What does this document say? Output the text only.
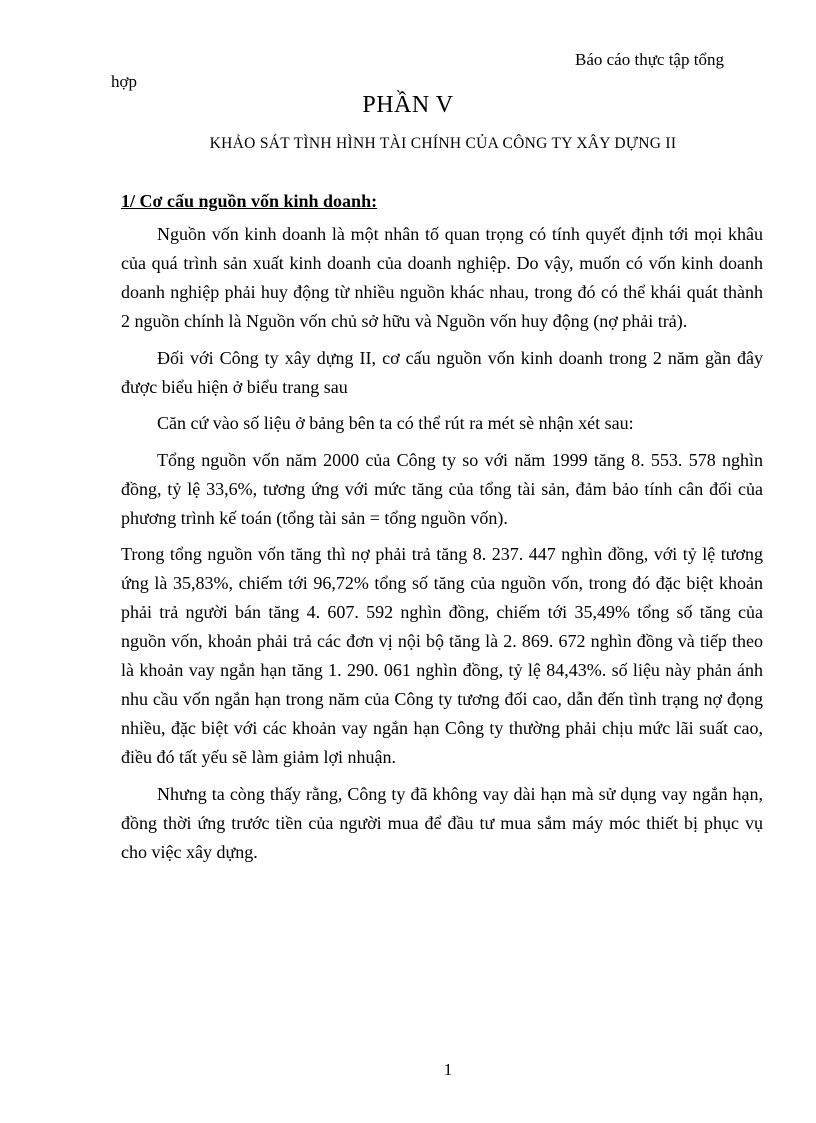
Báo cáo thực tập tổng
hợp
PHẦN V
KHẢO SÁT TÌNH HÌNH TÀI CHÍNH CỦA CÔNG TY XÂY DỰNG II
1/ Cơ cấu nguồn vốn kinh doanh:

Nguồn vốn kinh doanh là một nhân tố quan trọng có tính quyết định tới mọi khâu của quá trình sản xuất kinh doanh của doanh nghiệp. Do vậy, muốn có vốn kinh doanh doanh nghiệp phải huy động từ nhiều nguồn khác nhau, trong đó có thể khái quát thành 2 nguồn chính là Nguồn vốn chủ sở hữu và Nguồn vốn huy động (nợ phải trả).

Đối với Công ty xây dựng II, cơ cấu nguồn vốn kinh doanh trong 2 năm gần đây được biểu hiện ở biểu trang sau

Căn cứ vào số liệu ở bảng bên ta có thể rút ra mét sè nhận xét sau:

Tổng nguồn vốn năm 2000 của Công ty so với năm 1999 tăng 8. 553. 578 nghìn đồng, tỷ lệ 33,6%, tương ứng với mức tăng của tổng tài sản, đảm bảo tính cân đối của phương trình kế toán (tổng tài sản = tổng nguồn vốn).

Trong tổng nguồn vốn tăng thì nợ phải trả tăng 8. 237. 447 nghìn đồng, với tỷ lệ tương ứng là 35,83%, chiếm tới 96,72% tổng số tăng của nguồn vốn, trong đó đặc biệt khoản phải trả người bán tăng 4. 607. 592 nghìn đồng, chiếm tới 35,49% tổng số tăng của nguồn vốn, khoản phải trả các đơn vị nội bộ tăng là 2. 869. 672 nghìn đồng và tiếp theo là khoản vay ngắn hạn tăng 1. 290. 061 nghìn đồng, tỷ lệ 84,43%. số liệu này phản ánh nhu cầu vốn ngắn hạn trong năm của Công ty tương đối cao, dẫn đến tình trạng nợ đọng nhiều, đặc biệt với các khoản vay ngắn hạn Công ty thường phải chịu mức lãi suất cao, điều đó tất yếu sẽ làm giảm lợi nhuận.

Nhưng ta còng thấy rằng, Công ty đã không vay dài hạn mà sử dụng vay ngắn hạn, đồng thời ứng trước tiền của người mua để đầu tư mua sắm máy móc thiết bị phục vụ cho việc xây dựng.

1
